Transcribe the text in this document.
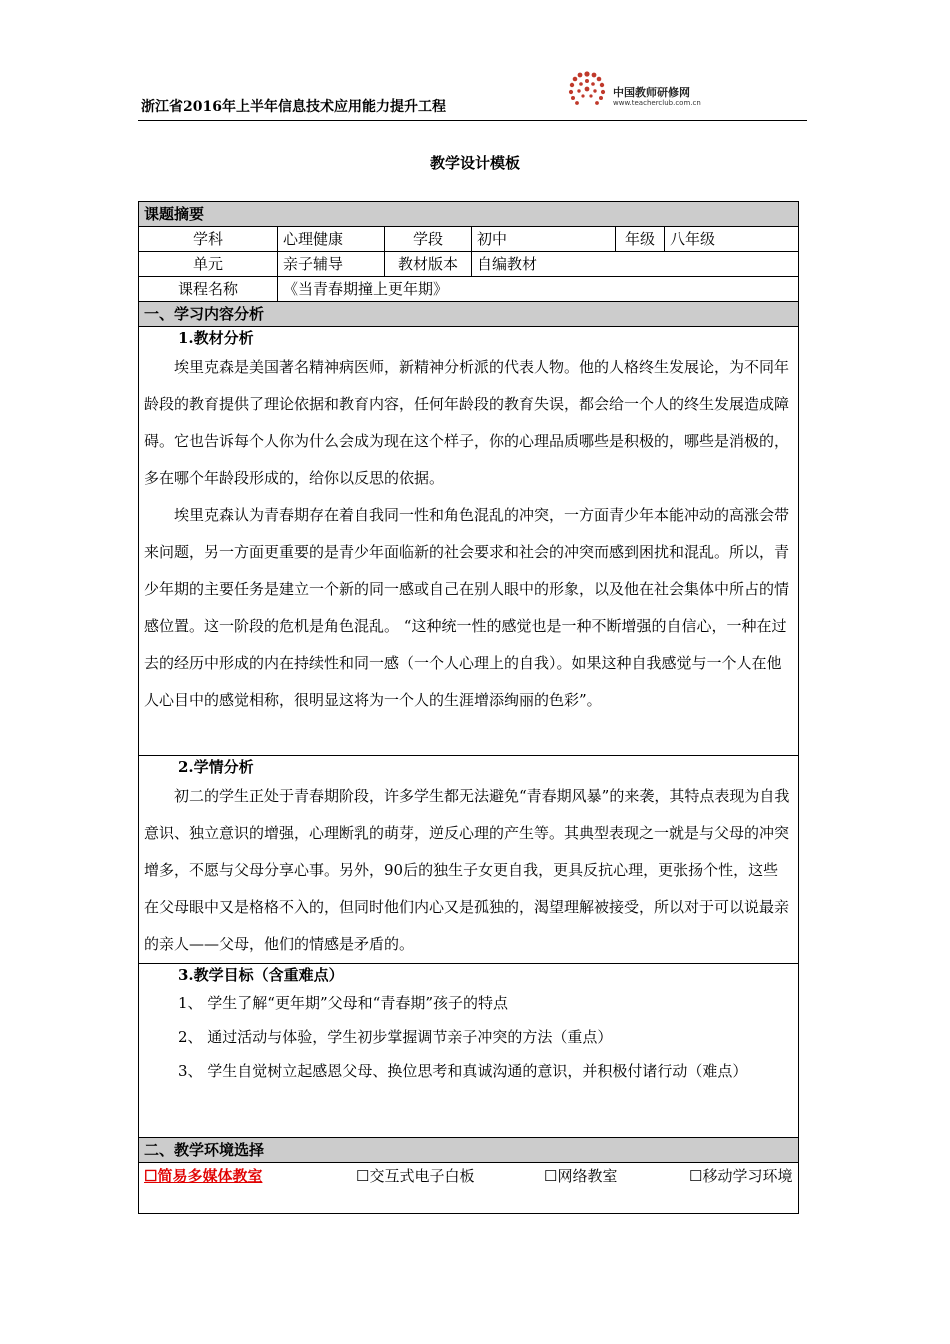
浙江省2016年上半年信息技术应用能力提升工程
中国教师研修网
www.teacherclub.com.cn
教学设计模板
课题摘要					
学科	心理健康	学段	初中	年级	八年级
单元	亲子辅导	教材版本	自编教材		
课程名称	《当青春期撞上更年期》				
一、学习内容分析					

1.教材分析

埃里克森是美国著名精神病医师，新精神分析派的代表人物。他的人格终生发展论，为不同年龄段的教育提供了理论依据和教育内容，任何年龄段的教育失误，都会给一个人的终生发展造成障碍。它也告诉每个人你为什么会成为现在这个样子，你的心理品质哪些是积极的，哪些是消极的，多在哪个年龄段形成的，给你以反思的依据。

埃里克森认为青春期存在着自我同一性和角色混乱的冲突，一方面青少年本能冲动的高涨会带来问题，另一方面更重要的是青少年面临新的社会要求和社会的冲突而感到困扰和混乱。所以，青少年期的主要任务是建立一个新的同一感或自己在别人眼中的形象，以及他在社会集体中所占的情感位置。这一阶段的危机是角色混乱。 “这种统一性的感觉也是一种不断增强的自信心，一种在过去的经历中形成的内在持续性和同一感（一个人心理上的自我）。如果这种自我感觉与一个人在他人心目中的感觉相称，很明显这将为一个人的生涯增添绚丽的色彩”。					

2.学情分析

初二的学生正处于青春期阶段，许多学生都无法避免“青春期风暴”的来袭，其特点表现为自我意识、独立意识的增强，心理断乳的萌芽，逆反心理的产生等。其典型表现之一就是与父母的冲突增多，不愿与父母分享心事。另外，90后的独生子女更自我，更具反抗心理，更张扬个性，这些在父母眼中又是格格不入的，但同时他们内心又是孤独的，渴望理解被接受，所以对于可以说最亲的亲人——父母，他们的情感是矛盾的。					

3.教学目标（含重难点）

1、 学生了解“更年期”父母和“青春期”孩子的特点

2、 通过活动与体验，学生初步掌握调节亲子冲突的方法（重点）

3、 学生自觉树立起感恩父母、换位思考和真诚沟通的意识，并积极付诸行动（难点）					

二、教学环境选择					

☐简易多媒体教室 ☐交互式电子白板 ☐网络教室 ☐移动学习环境					
